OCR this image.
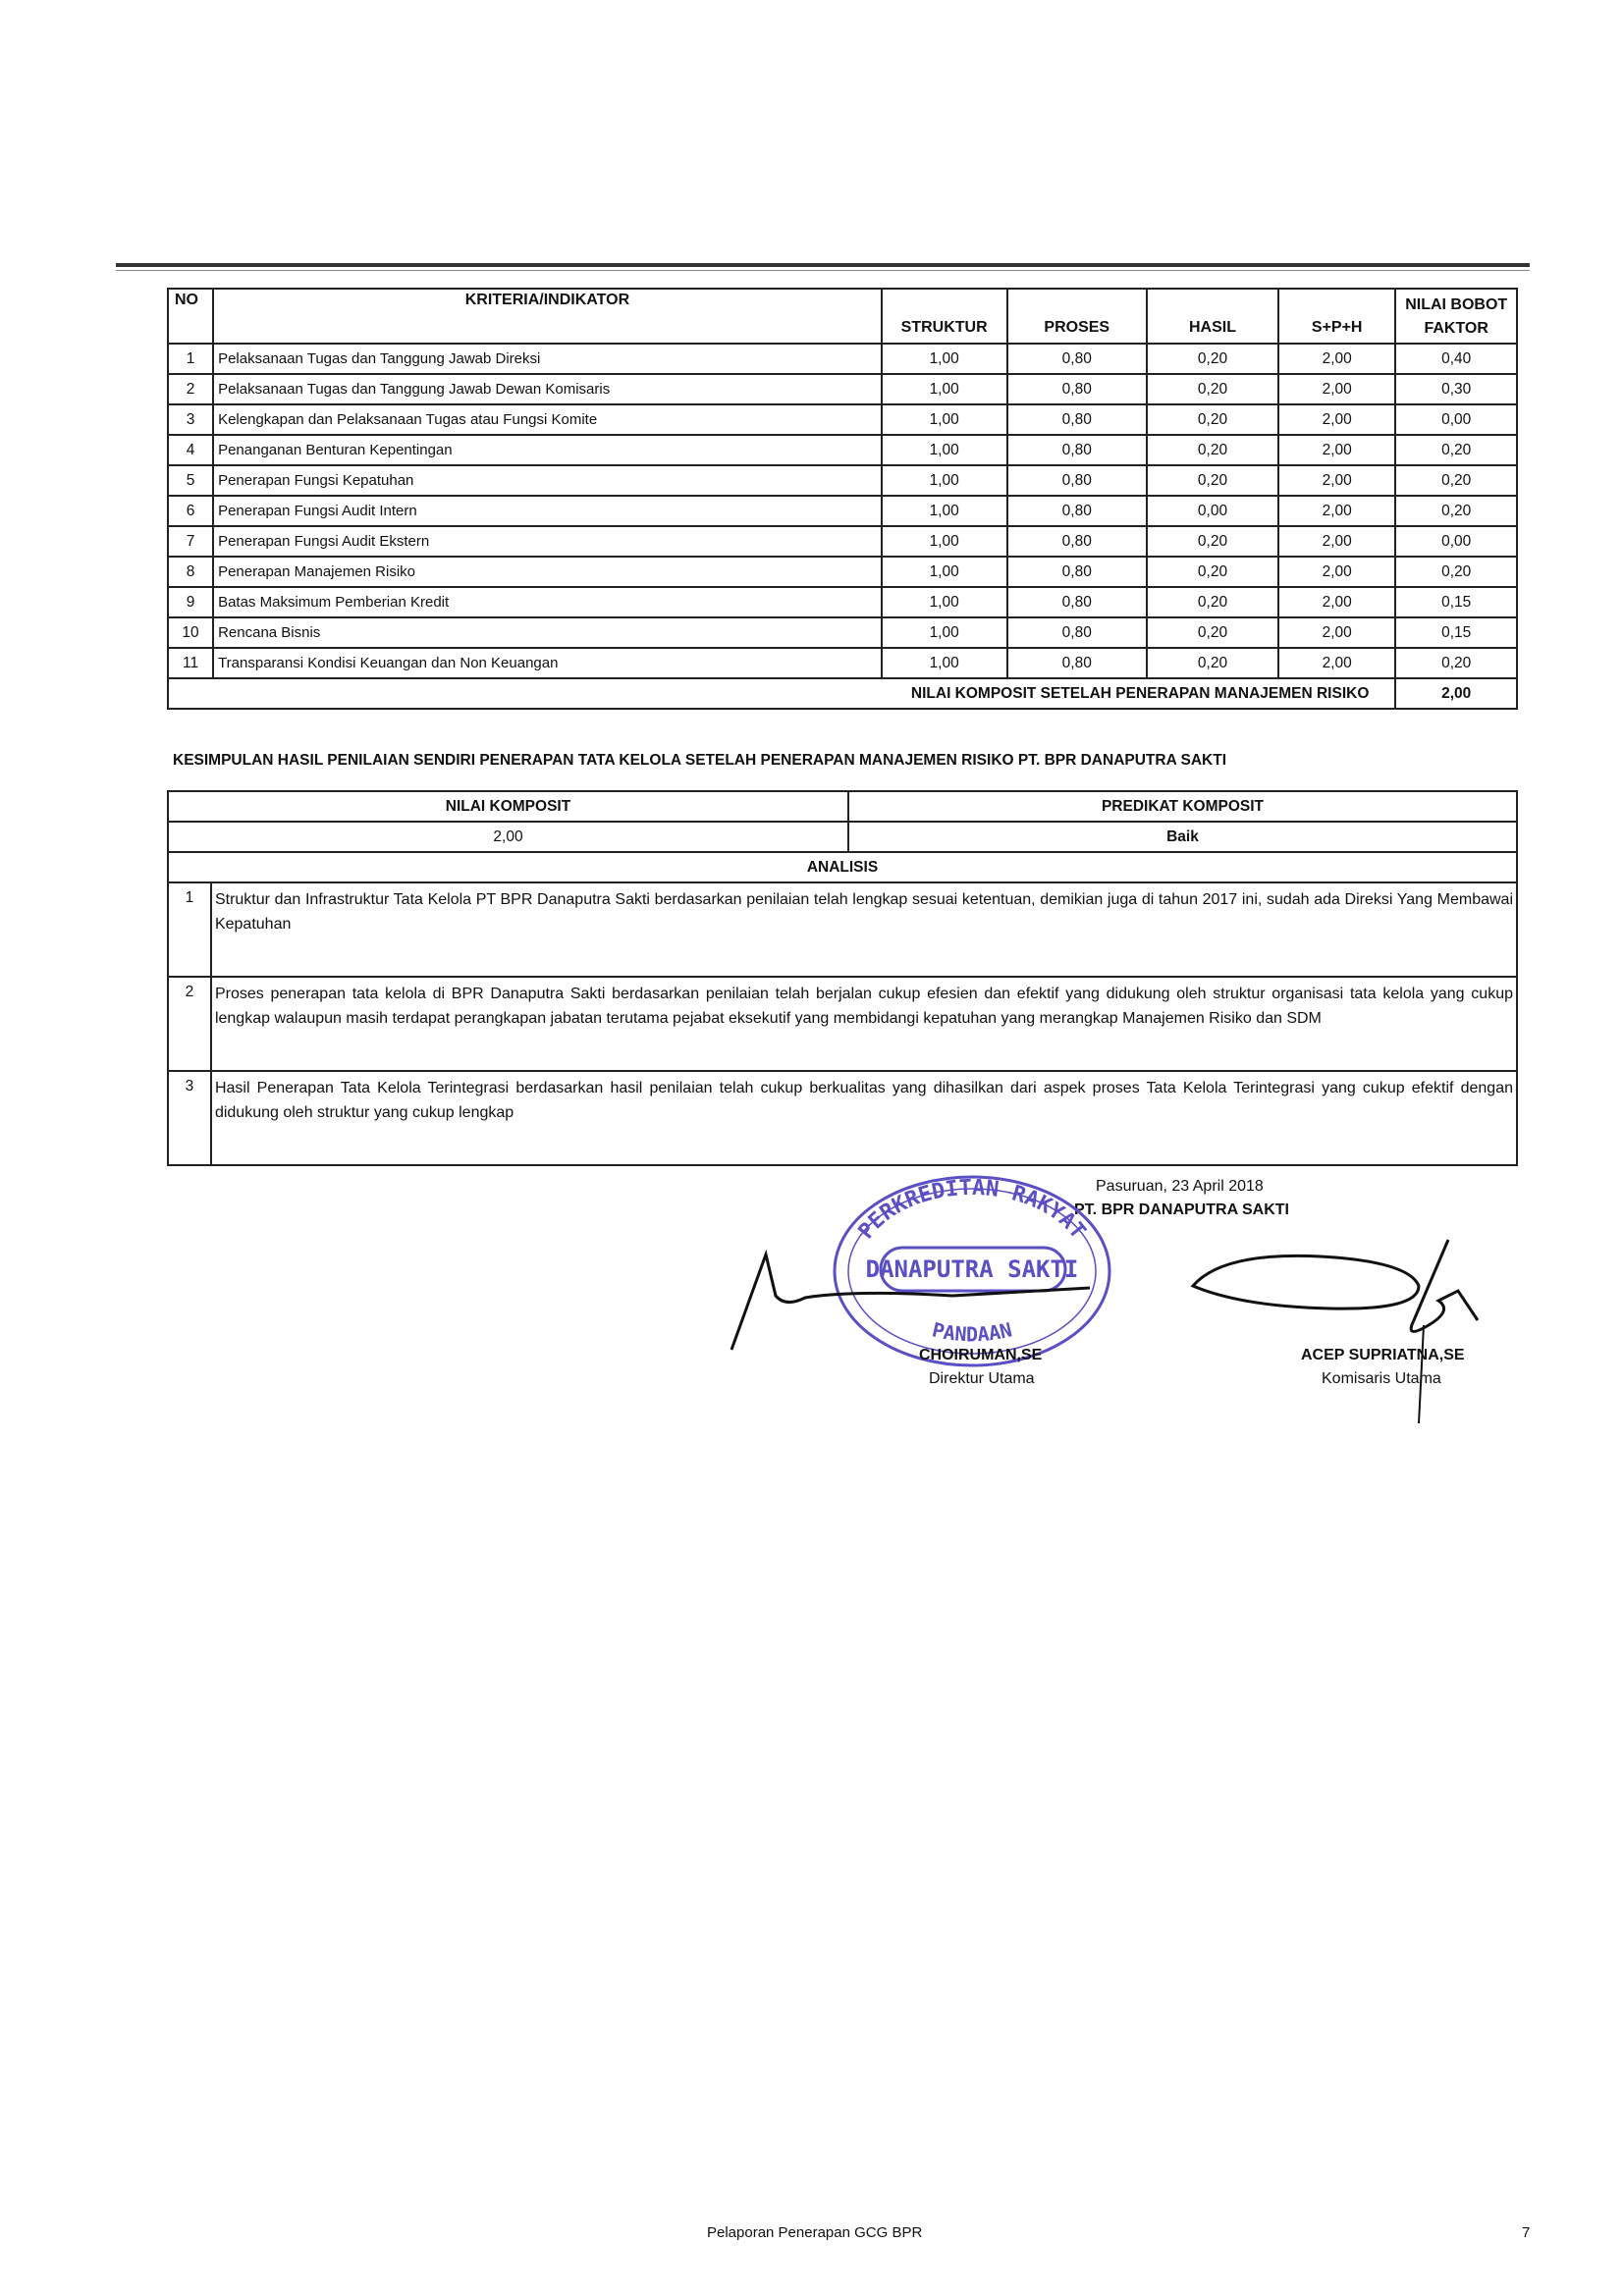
NO	KRITERIA/INDIKATOR	STRUKTUR	PROSES	HASIL	S+P+H	NILAI BOBOT FAKTOR
1	Pelaksanaan Tugas dan Tanggung Jawab Direksi	1,00	0,80	0,20	2,00	0,40
2	Pelaksanaan Tugas dan Tanggung Jawab Dewan Komisaris	1,00	0,80	0,20	2,00	0,30
3	Kelengkapan dan Pelaksanaan Tugas atau Fungsi Komite	1,00	0,80	0,20	2,00	0,00
4	Penanganan Benturan Kepentingan	1,00	0,80	0,20	2,00	0,20
5	Penerapan Fungsi Kepatuhan	1,00	0,80	0,20	2,00	0,20
6	Penerapan Fungsi Audit Intern	1,00	0,80	0,00	2,00	0,20
7	Penerapan Fungsi Audit Ekstern	1,00	0,80	0,20	2,00	0,00
8	Penerapan Manajemen Risiko	1,00	0,80	0,20	2,00	0,20
9	Batas Maksimum Pemberian Kredit	1,00	0,80	0,20	2,00	0,15
10	Rencana Bisnis	1,00	0,80	0,20	2,00	0,15
11	Transparansi Kondisi Keuangan dan Non Keuangan	1,00	0,80	0,20	2,00	0,20
NILAI KOMPOSIT SETELAH PENERAPAN MANAJEMEN RISIKO						2,00
KESIMPULAN HASIL PENILAIAN SENDIRI PENERAPAN TATA KELOLA SETELAH PENERAPAN MANAJEMEN RISIKO PT. BPR DANAPUTRA SAKTI
NILAI KOMPOSIT		PREDIKAT KOMPOSIT
2,00		Baik
ANALISIS		
1	Struktur dan Infrastruktur Tata Kelola PT BPR Danaputra Sakti berdasarkan penilaian telah lengkap sesuai ketentuan, demikian juga di tahun 2017 ini, sudah ada Direksi Yang Membawai Kepatuhan	
2	Proses penerapan tata kelola di BPR Danaputra Sakti berdasarkan penilaian telah berjalan cukup efesien dan efektif yang didukung oleh struktur organisasi tata kelola yang cukup lengkap walaupun masih terdapat perangkapan jabatan terutama pejabat eksekutif yang membidangi kepatuhan yang merangkap Manajemen Risiko dan SDM	
3	Hasil Penerapan Tata Kelola Terintegrasi berdasarkan hasil penilaian telah cukup berkualitas yang dihasilkan dari aspek proses Tata Kelola Terintegrasi yang cukup efektif dengan didukung oleh struktur yang cukup lengkap	
Pasuruan, 23 April 2018
PT. BPR DANAPUTRA SAKTI
PERKREDITAN RAKYAT
DANAPUTRA SAKTI
PANDAAN
CHOIRUMAN,SE
Direktur Utama
ACEP SUPRIATNA,SE
Komisaris Utama
Pelaporan Penerapan GCG BPR	7
